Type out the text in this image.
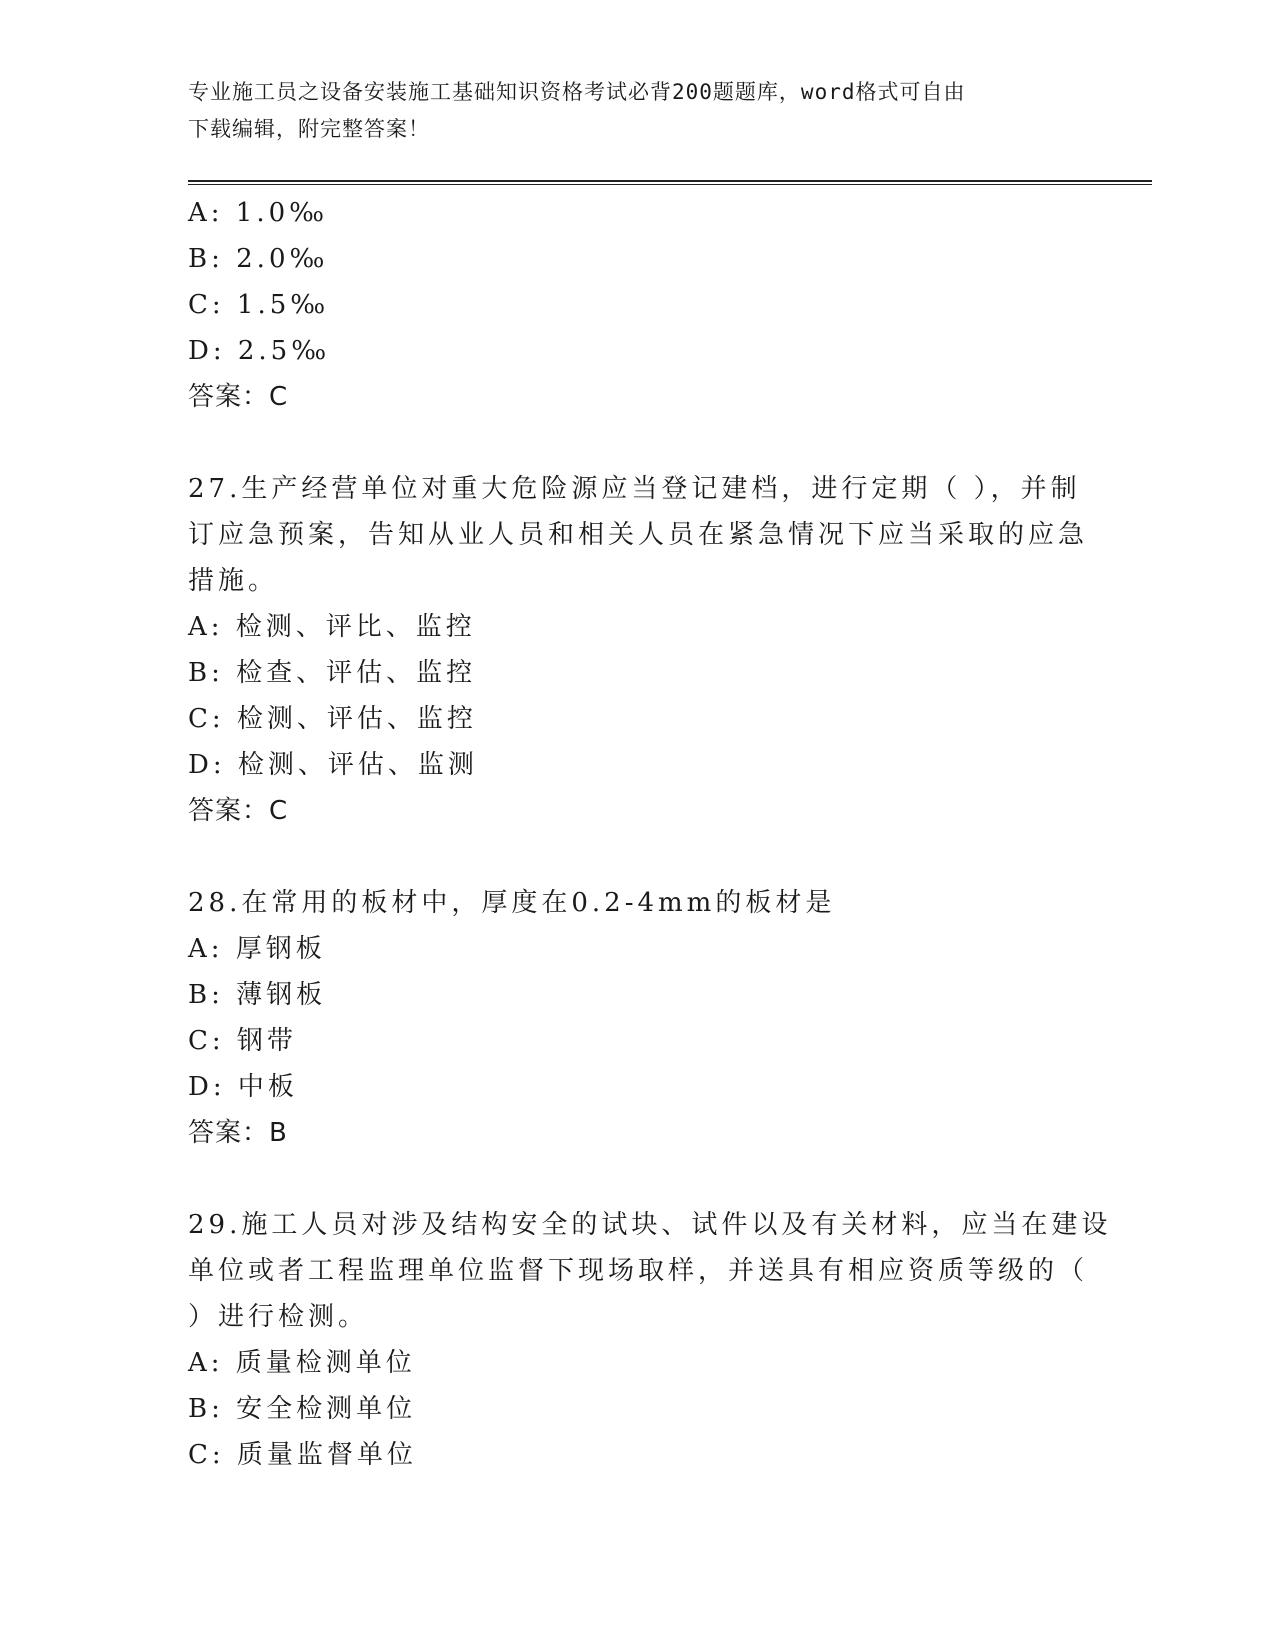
专业施工员之设备安装施工基础知识资格考试必背200题题库，word格式可自由
下载编辑，附完整答案！
A: 1.0‰
B: 2.0‰
C: 1.5‰
D: 2.5‰
答案：C
27.生产经营单位对重大危险源应当登记建档，进行定期（ ），并制
订应急预案，告知从业人员和相关人员在紧急情况下应当采取的应急
措施。
A: 检测、评比、监控
B: 检查、评估、监控
C: 检测、评估、监控
D: 检测、评估、监测
答案：C
28.在常用的板材中，厚度在0.2-4mm的板材是
A: 厚钢板
B: 薄钢板
C: 钢带
D: 中板
答案：B
29.施工人员对涉及结构安全的试块、试件以及有关材料，应当在建设
单位或者工程监理单位监督下现场取样，并送具有相应资质等级的（
）进行检测。
A: 质量检测单位
B: 安全检测单位
C: 质量监督单位
